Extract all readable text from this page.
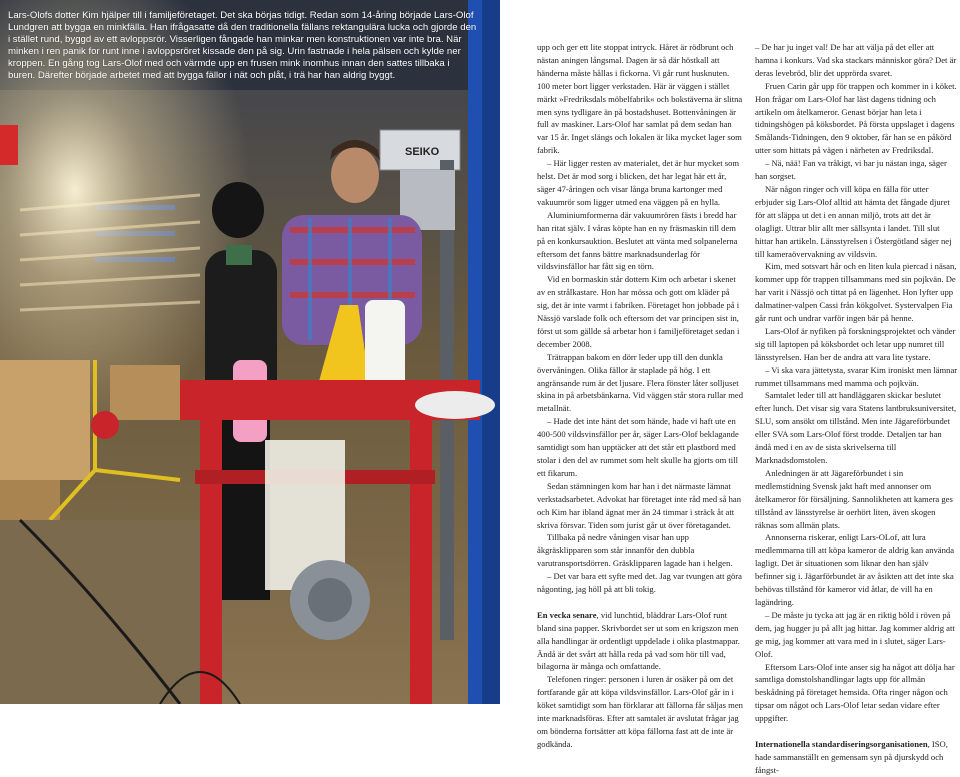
SEIKO
Lars-Olofs dotter Kim hjälper till i familjeföretaget. Det ska börjas tidigt. Redan som 14-åring började Lars-Olof Lundgren att bygga en minkfälla. Han ifrågasatte då den traditionella fällans rektangulära lucka och gjorde den i stället rund, byggd av ett avloppsrör. Visserligen fångade han minkar men konstruktionen var inte bra. När minken i ren panik for runt inne i avloppsröret kissade den på sig. Urin fastnade i hela pälsen och kylde ner kroppen. En gång tog Lars-Olof med och värmde upp en frusen mink inomhus innan den sattes tillbaka i buren. Därefter började arbetet med att bygga fällor i nät och plåt, i trä har han aldrig byggt.

upp och ger ett lite stoppat intryck. Håret är rödbrunt och nästan aningen långsmal. Dagen är så där höstkall att händerna måste hållas i fickorna. Vi går runt husknuten. 100 meter bort ligger verkstaden. Här är väggen i stället märkt »Fredriksdals möbelfabrik« och bokstäverna är slitna men syns tydligare än på bostadshuset. Bottenvåningen är full av maskiner. Lars-Olof har samlat på dem sedan han var 15 år. Inget slängs och lokalen är lika mycket lager som fabrik.

– Här ligger resten av materialet, det är hur mycket som helst. Det är mod sorg i blicken, det har legat här ett år, säger 47-åringen och visar långa bruna kartonger med vakuumrör som ligger utmed ena väggen på en hylla.

Aluminiumformerna där vakuumrören fästs i bredd har han ritat själv. I våras köpte han en ny fräsmaskin till dem på en konkursauktion. Beslutet att vänta med solpanelerna eftersom det fanns bättre marknadsunderlag för vildsvinsfällor har fått sig en törn.

Vid en bormaskin står dottern Kim och arbetar i skenet av en strålkastare. Hon har mössa och gott om kläder på sig, det är inte varmt i fabriken. Företaget hon jobbade på i Nässjö varslade folk och eftersom det var principen sist in, först ut som gällde så arbetar hon i familjeföretaget sedan i december 2008.

Trätrappan bakom en dörr leder upp till den dunkla övervåningen. Olika fällor är staplade på hög. I ett angränsande rum är det ljusare. Flera fönster låter solljuset skina in på arbetsbänkarna. Vid väggen står stora rullar med metallnät.

– Hade det inte hänt det som hände, hade vi haft ute en 400-500 vildsvinsfällor per år, säger Lars-Olof beklagande samtidigt som han upptäcker att det står ett plastbord med stolar i den del av rummet som helt skulle ha gjorts om till ett fikarum.

Sedan stämningen kom har han i det närmaste lämnat verkstadsarbetet. Advokat har företaget inte råd med så han och Kim har ibland ägnat mer än 24 timmar i sträck åt att skriva försvar. Tiden som jurist går ut över företagandet.

Tillbaka på nedre våningen visar han upp åkgräsklipparen som står innanför den dubbla varutransportsdörren. Gräsklipparen lagade han i helgen.

– Det var bara ett syfte med det. Jag var tvungen att göra någonting, jag höll på att bli tokig.

En vecka senare, vid lunchtid, bläddrar Lars-Olof runt bland sina papper. Skrivbordet ser ut som en krigszon men alla handlingar är ordentligt uppdelade i olika plastmappar. Ändå är det svårt att hålla reda på vad som hör till vad, bilagorna är många och omfattande.

Telefonen ringer: personen i luren är osäker på om det fortfarande går att köpa vildsvinsfällor. Lars-Olof går in i köket samtidigt som han förklarar att fällorna får säljas men inte marknadsföras. Efter att samtalet är avslutat frågar jag om bönderna fortsätter att köpa fällorna fast att de inte är godkända.

– De har ju inget val! De har att välja på det eller att hamna i konkurs. Vad ska stackars människor göra? Det är deras levebröd, blir det upprörda svaret.

Fruen Carin går upp för trappen och kommer in i köket. Hon frågar om Lars-Olof har läst dagens tidning och artikeln om åtelkameror. Genast börjar han leta i tidningshögen på köksbordet. På första uppslaget i dagens Smålands-Tidningen, den 9 oktober, får han se en påkörd utter som hittats på vägen i närheten av Fredriksdal.

– Nä, nää! Fan va tråkigt, vi har ju nästan inga, säger han sorgset.

När någon ringer och vill köpa en fälla för utter erbjuder sig Lars-Olof alltid att hämta det fångade djuret för att släppa ut det i en annan miljö, trots att det är olagligt. Uttrar blir allt mer sällsynta i landet. Till slut hittar han artikeln. Länsstyrelsen i Östergötland säger nej till kameraövervakning av vildsvin.

Kim, med sotsvart hår och en liten kula piercad i näsan, kommer upp för trappen tillsammans med sin pojkvän. De har varit i Nässjö och tittat på en lägenhet. Hon lyfter upp dalmatiner-valpen Cassi från kökgolvet. Systervalpen Fia går runt och undrar varför ingen bär på henne.

Lars-Olof är nyfiken på forskningsprojektet och vänder sig till laptopen på köksbordet och letar upp numret till länsstyrelsen. Han ber de andra att vara lite tystare.

– Vi ska vara jättetysta, svarar Kim ironiskt men lämnar rummet tillsammans med mamma och pojkvän.

Samtalet leder till att handläggaren skickar beslutet efter lunch. Det visar sig vara Statens lantbruksuniversitet, SLU, som ansökt om tillstånd. Men inte Jägareförbundet eller SVA som Lars-Olof först trodde. Detaljen tar han ändå med i en av de sista skrivelserna till Marknadsdomstolen.

Anledningen är att Jägareförbundet i sin medlemstidning Svensk jakt haft med annonser om åtelkameror för försäljning. Sannolikheten att kamera ges tillstånd av länsstyrelse är oerhört liten, även skogen räknas som allmän plats.

Annonserna riskerar, enligt Lars-OLof, att lura medlemmarna till att köpa kameror de aldrig kan använda lagligt. Det är situationen som liknar den han själv befinner sig i. Jägarförbundet är av åsikten att det inte ska behövas tillstånd för kameror vid åtlar, de vill ha en lagändring.

– De måste ju tycka att jag är en riktig böld i röven på dem, jag hugger ju på allt jag hittar. Jag kommer aldrig att ge mig, jag kommer att vara med in i slutet, säger Lars-Olof.

Eftersom Lars-Olof inte anser sig ha något att dölja har samtliga domstolshandlingar lagts upp för allmän beskådning på företaget hemsida. Ofta ringer någon och tipsar om något och Lars-Olof letar sedan vidare efter uppgifter.

Internationella standardiseringsorganisationen, ISO, hade sammanställt en gemensam syn på djurskydd och fångst-
